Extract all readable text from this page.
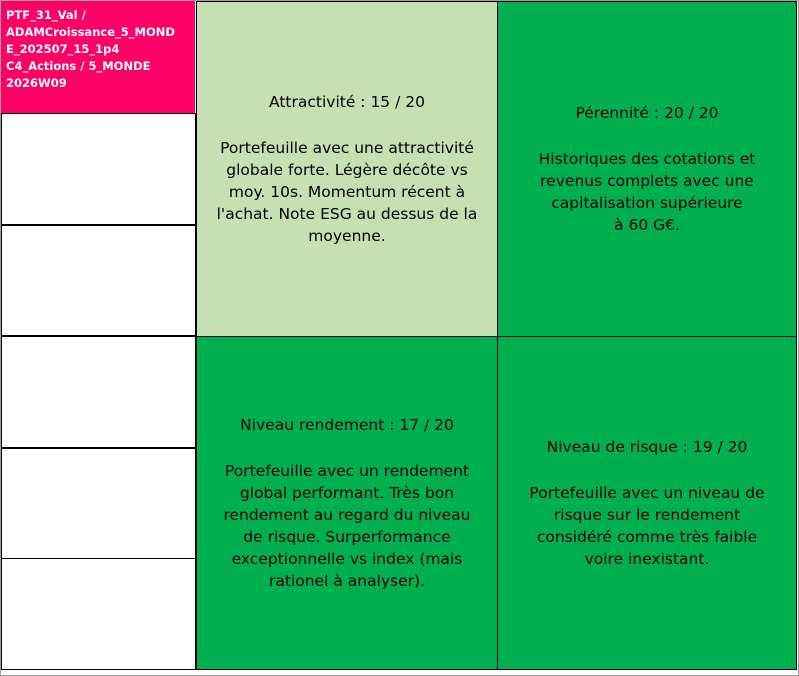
PTF_31_Val /
ADAMCroissance_5_MOND
E_202507_15_1p4
C4_Actions / 5_MONDE
2026W09
Attractivité : 15 / 20
Portefeuille avec une attractivité
globale forte. Légère décôte vs
moy. 10s. Momentum récent à
l'achat. Note ESG au dessus de la
moyenne.
Pérennité : 20 / 20
Historiques des cotations et
revenus complets avec une
capitalisation supérieure
à 60 G€.
Niveau rendement : 17 / 20
Portefeuille avec un rendement
global performant. Très bon
rendement au regard du niveau
de risque. Surperformance
exceptionnelle vs index (mais
rationel à analyser).
Niveau de risque : 19 / 20
Portefeuille avec un niveau de
risque sur le rendement
considéré comme très faible
voire inexistant.
